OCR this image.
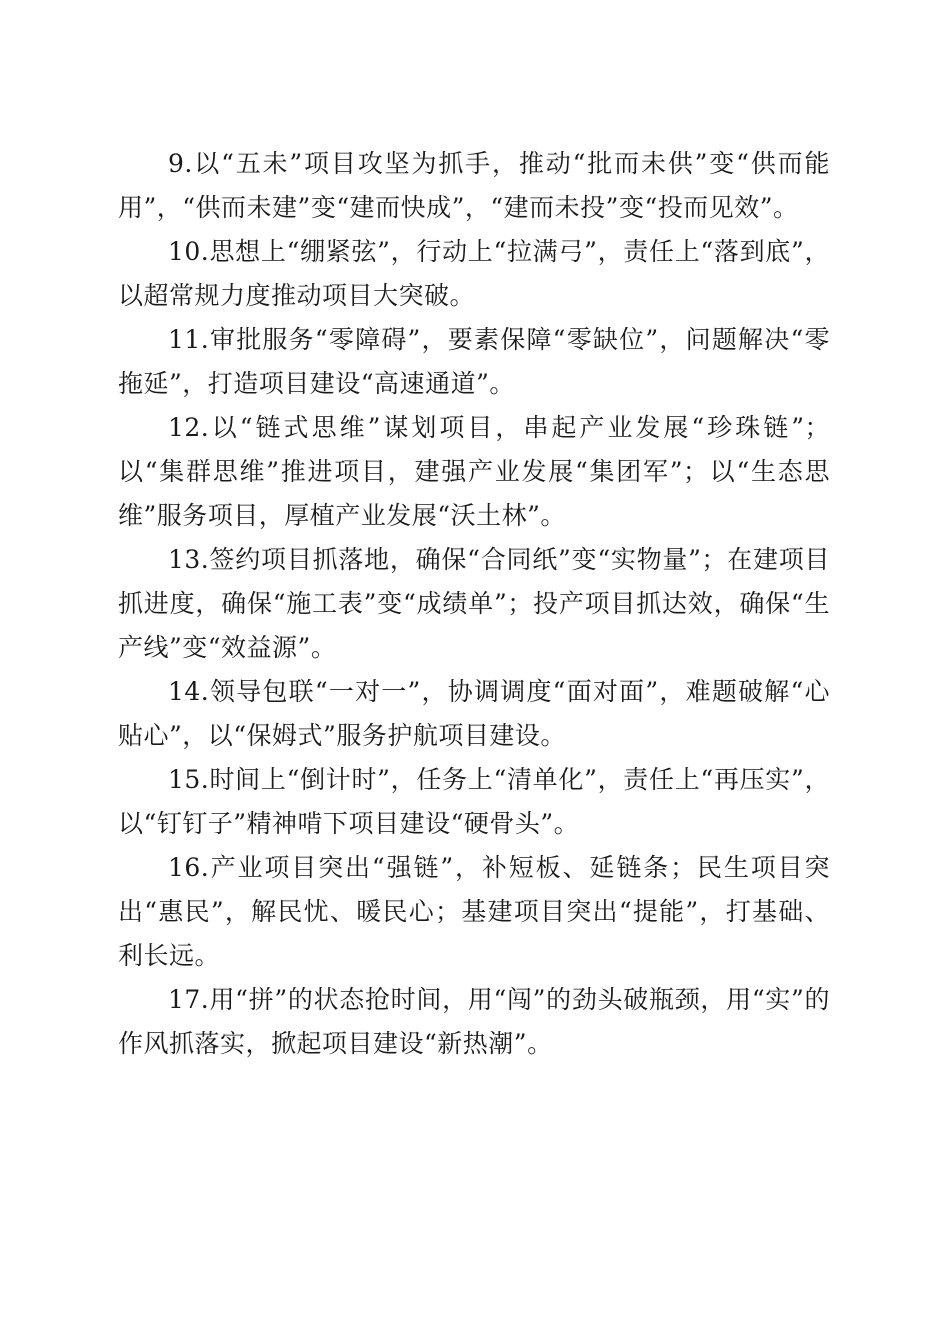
9.以“五未”项目攻坚为抓手，推动“批而未供”变“供而能用”，“供而未建”变“建而快成”，“建而未投”变“投而见效”。

10.思想上“绷紧弦”，行动上“拉满弓”，责任上“落到底”，以超常规力度推动项目大突破。

11.审批服务“零障碍”，要素保障“零缺位”，问题解决“零拖延”，打造项目建设“高速通道”。

12.以“链式思维”谋划项目，串起产业发展“珍珠链”；以“集群思维”推进项目，建强产业发展“集团军”；以“生态思维”服务项目，厚植产业发展“沃土林”。

13.签约项目抓落地，确保“合同纸”变“实物量”；在建项目抓进度，确保“施工表”变“成绩单”；投产项目抓达效，确保“生产线”变“效益源”。

14.领导包联“一对一”，协调调度“面对面”，难题破解“心贴心”，以“保姆式”服务护航项目建设。

15.时间上“倒计时”，任务上“清单化”，责任上“再压实”，以“钉钉子”精神啃下项目建设“硬骨头”。

16.产业项目突出“强链”，补短板、延链条；民生项目突出“惠民”，解民忧、暖民心；基建项目突出“提能”，打基础、利长远。

17.用“拼”的状态抢时间，用“闯”的劲头破瓶颈，用“实”的作风抓落实，掀起项目建设“新热潮”。
